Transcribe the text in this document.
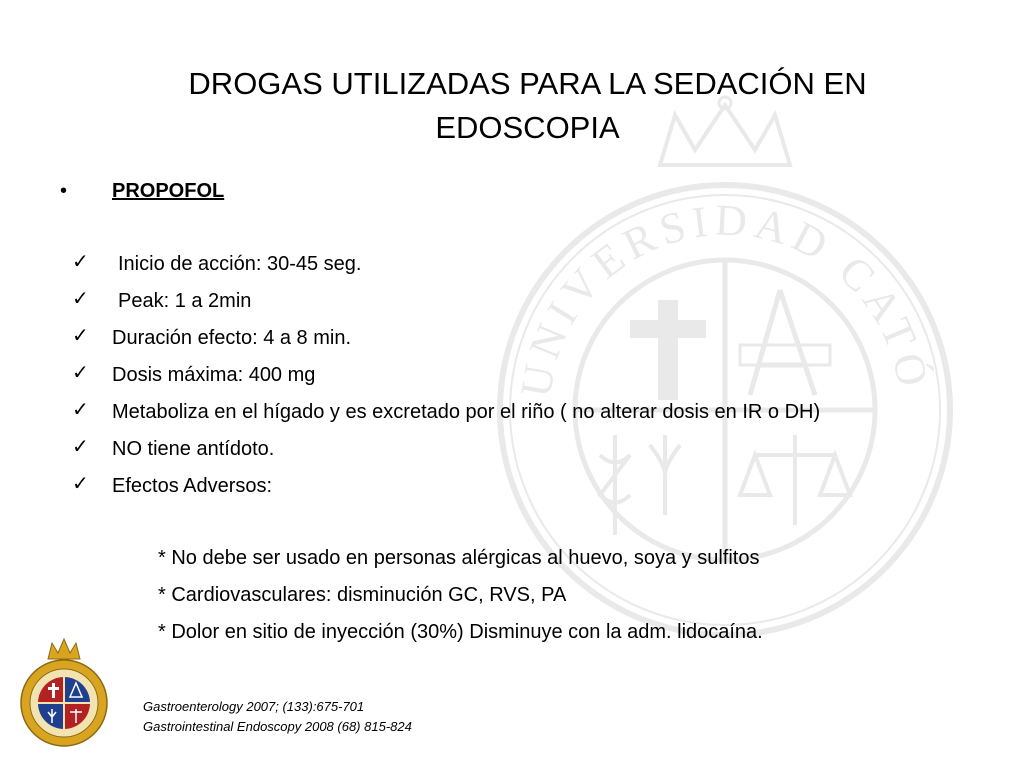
UNIVERSIDAD CATÓ
DROGAS UTILIZADAS PARA LA SEDACIÓN EN
EDOSCOPIA
• PROPOFOL
✓ Inicio de acción: 30-45 seg.
✓ Peak: 1 a 2min
✓ Duración efecto: 4 a 8 min.
✓ Dosis máxima: 400 mg
✓ Metaboliza en el hígado y es excretado por el riño ( no alterar dosis en IR o DH)
✓ NO tiene antídoto.
✓ Efectos Adversos:
* No debe ser usado en personas alérgicas al huevo, soya y sulfitos
* Cardiovasculares: disminución GC, RVS, PA
* Dolor en sitio de inyección (30%) Disminuye con la adm. lidocaína.
Gastroenterology 2007; (133):675-701
Gastrointestinal Endoscopy 2008 (68) 815-824
